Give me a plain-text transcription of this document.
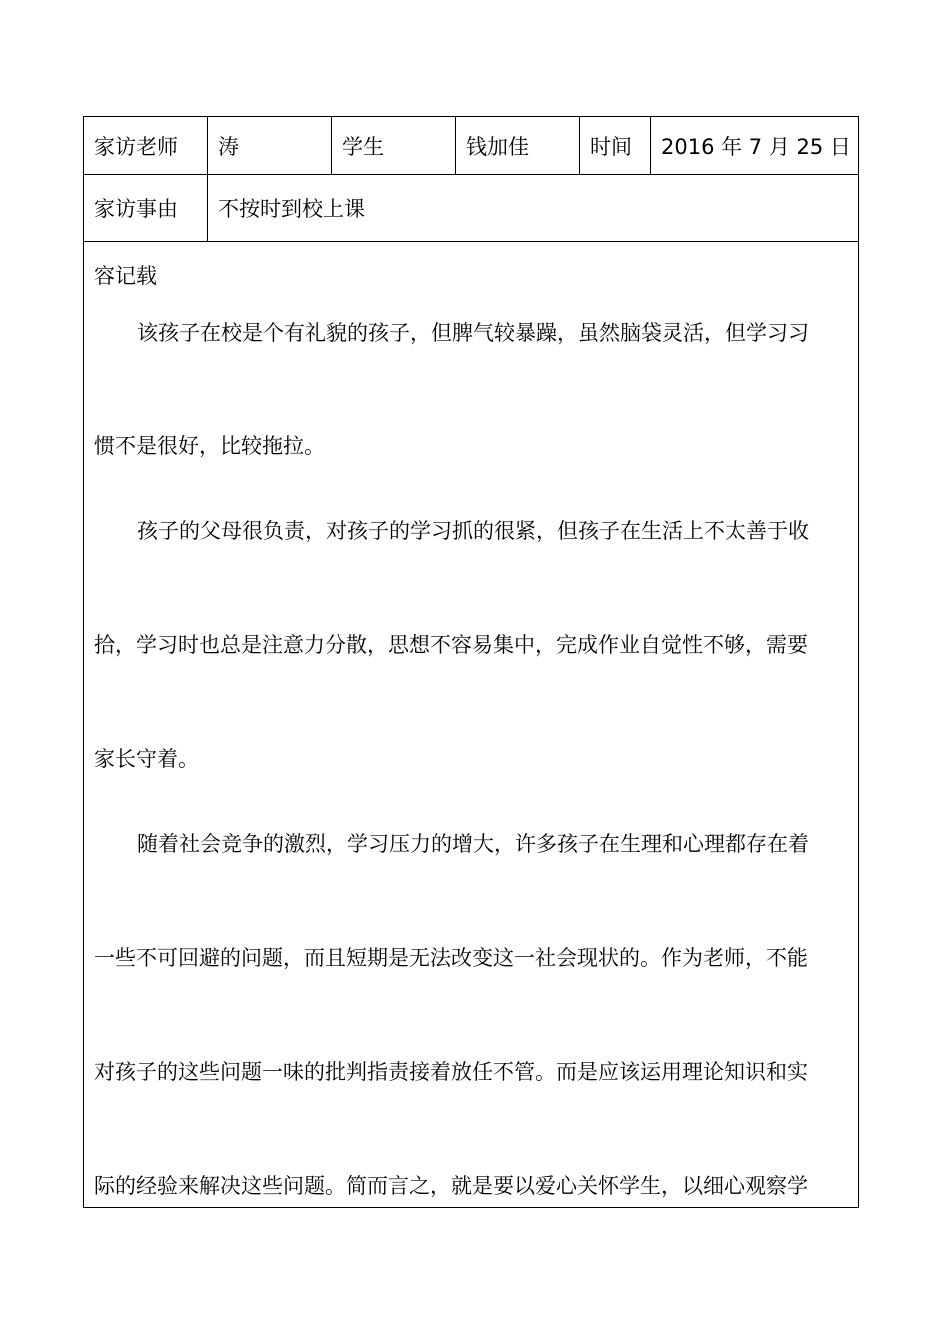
家访老师	涛	学生	钱加佳	时间	2016 年 7 月 25 日
家访事由	不按时到校上课
容记载
该孩子在校是个有礼貌的孩子，但脾气较暴躁，虽然脑袋灵活，但学习习
惯不是很好，比较拖拉。
孩子的父母很负责，对孩子的学习抓的很紧，但孩子在生活上不太善于收
拾，学习时也总是注意力分散，思想不容易集中，完成作业自觉性不够，需要
家长守着。
随着社会竞争的激烈，学习压力的增大，许多孩子在生理和心理都存在着
一些不可回避的问题，而且短期是无法改变这一社会现状的。作为老师，不能
对孩子的这些问题一味的批判指责接着放任不管。而是应该运用理论知识和实
际的经验来解决这些问题。简而言之，就是要以爱心关怀学生，以细心观察学
